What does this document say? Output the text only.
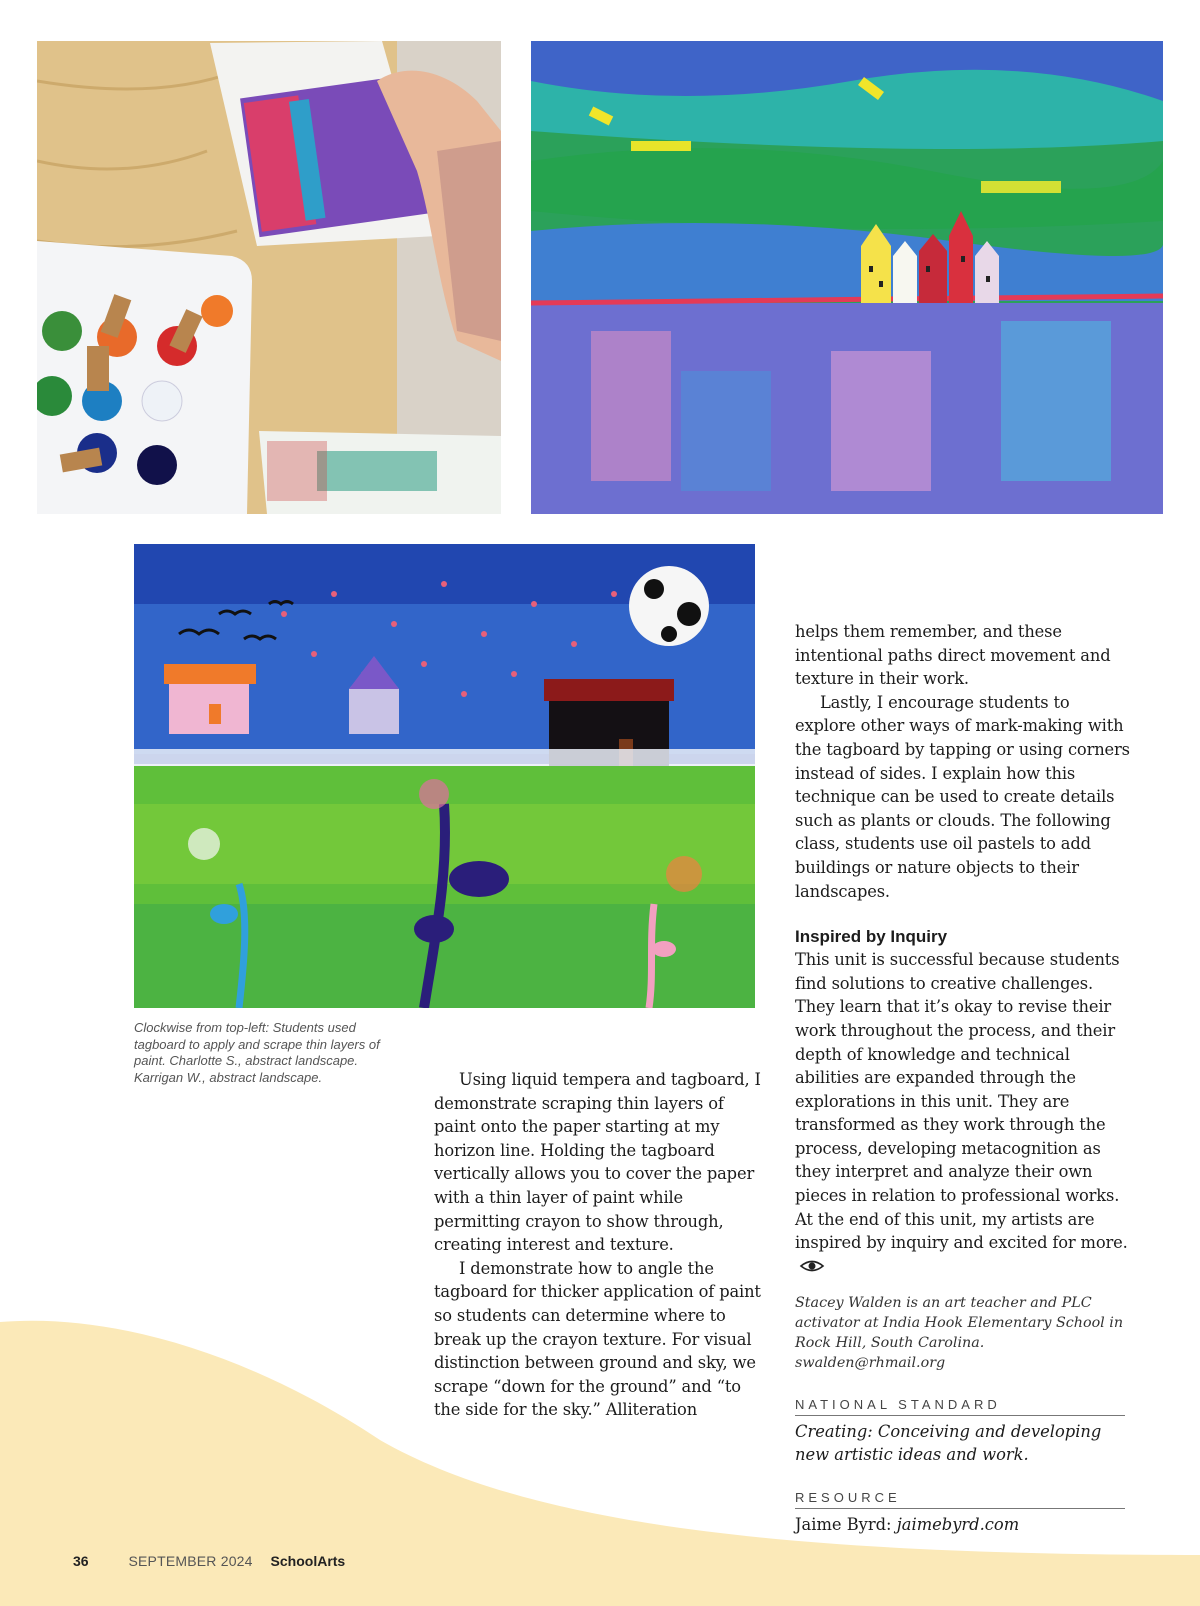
Clockwise from top-left: Students used tagboard to apply and scrape thin layers of paint. Charlotte S., abstract landscape. Karrigan W., abstract landscape.	Using liquid tempera and tagboard, I demonstrate scraping thin layers of paint onto the paper starting at my horizon line. Holding the tagboard vertically allows you to cover the paper with a thin layer of paint while permitting crayon to show through, creating interest and texture.

I demonstrate how to angle the tagboard for thicker application of paint so students can determine where to break up the crayon texture. For visual distinction between ground and sky, we scrape “down for the ground” and “to the side for the sky.” Alliteration

helps them remember, and these intentional paths direct movement and texture in their work.

Lastly, I encourage students to explore other ways of mark-making with the tagboard by tapping or using corners instead of sides. I explain how this technique can be used to create details such as plants or clouds. The following class, students use oil pastels to add buildings or nature objects to their landscapes.

Inspired by Inquiry

This unit is successful because students find solutions to creative challenges. They learn that it’s okay to revise their work throughout the process, and their depth of knowledge and technical abilities are expanded through the explorations in this unit. They are transformed as they work through the process, developing metacognition as they interpret and analyze their own pieces in relation to professional works. At the end of this unit, my artists are inspired by inquiry and excited for more.

Stacey Walden is an art teacher and PLC activator at India Hook Elementary School in Rock Hill, South Carolina. swalden@rhmail.org
NATIONAL STANDARD
Creating: Conceiving and developing new artistic ideas and work.
RESOURCE
Jaime Byrd: jaimebyrd.com
36	SEPTEMBER 2024 SchoolArts
